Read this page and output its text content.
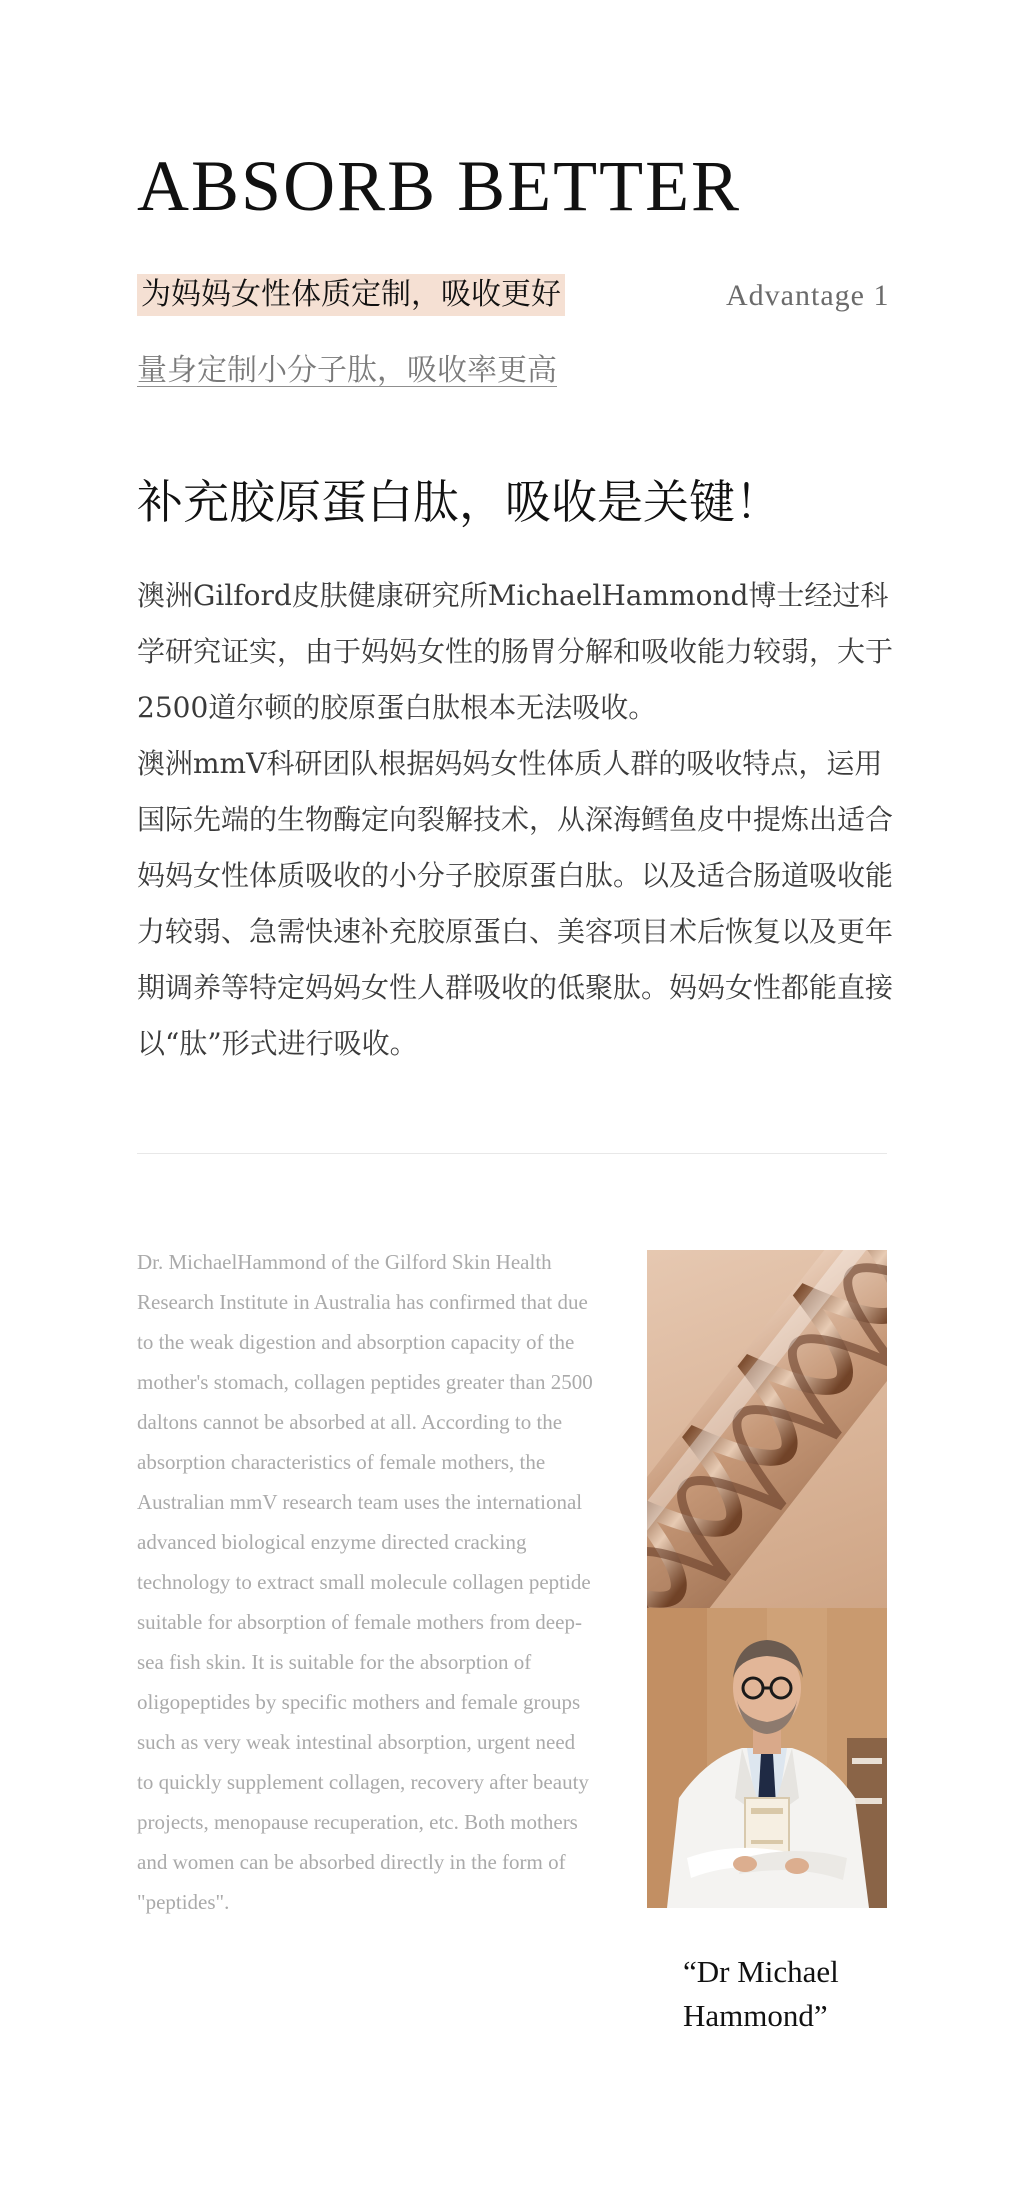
ABSORB BETTER
为妈妈女性体质定制，吸收更好	Advantage 1
量身定制小分子肽，吸收率更高
补充胶原蛋白肽，吸收是关键！

澳洲Gilford皮肤健康研究所MichaelHammond博士经过科学研究证实，由于妈妈女性的肠胃分解和吸收能力较弱，大于2500道尔顿的胶原蛋白肽根本无法吸收。

澳洲mmV科研团队根据妈妈女性体质人群的吸收特点，运用国际先端的生物酶定向裂解技术，从深海鳕鱼皮中提炼出适合妈妈女性体质吸收的小分子胶原蛋白肽。以及适合肠道吸收能力较弱、急需快速补充胶原蛋白、美容项目术后恢复以及更年期调养等特定妈妈女性人群吸收的低聚肽。妈妈女性都能直接以“肽”形式进行吸收。

Dr. MichaelHammond of the Gilford Skin Health Research Institute in Australia has confirmed that due to the weak digestion and absorption capacity of the mother's stomach, collagen peptides greater than 2500 daltons cannot be absorbed at all. According to the absorption characteristics of female mothers, the Australian mmV research team uses the international advanced biological enzyme directed cracking technology to extract small molecule collagen peptide suitable for absorption of female mothers from deep-sea fish skin. It is suitable for the absorption of oligopeptides by specific mothers and female groups such as very weak intestinal absorption, urgent need to quickly supplement collagen, recovery after beauty projects, menopause recuperation, etc. Both mothers and women can be absorbed directly in the form of "peptides".

“Dr Michael Hammond”
